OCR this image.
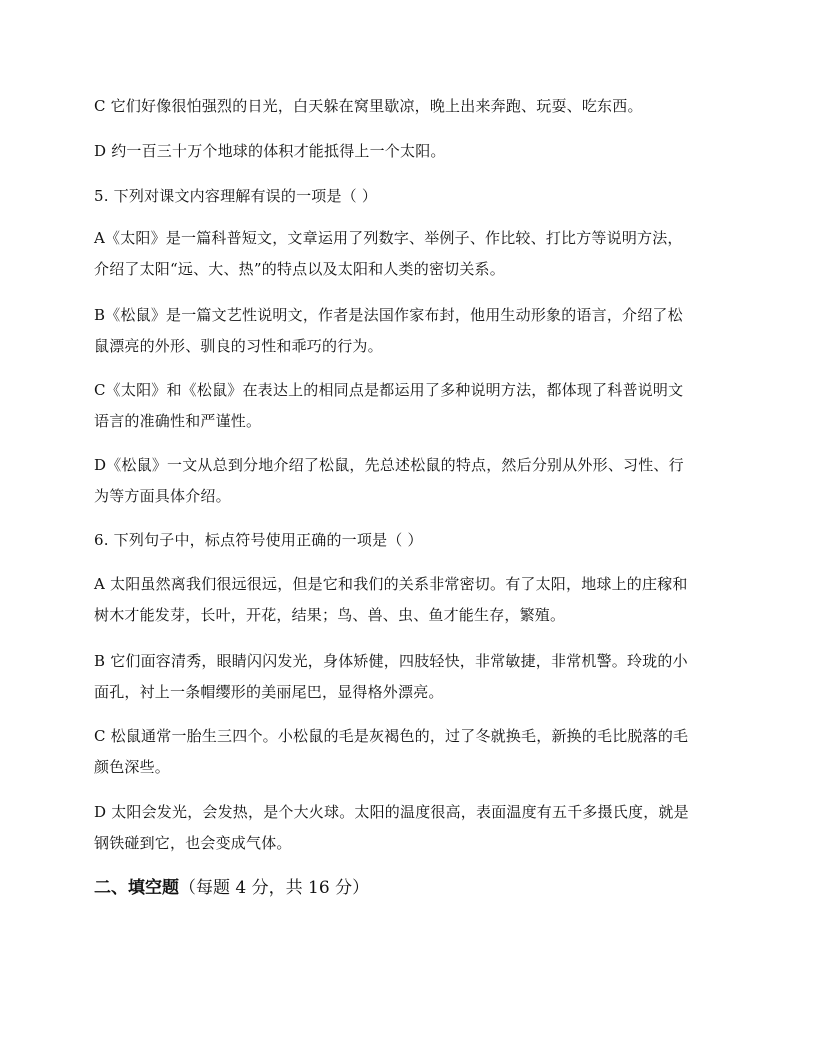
C 它们好像很怕强烈的日光，白天躲在窝里歇凉，晚上出来奔跑、玩耍、吃东西。
D 约一百三十万个地球的体积才能抵得上一个太阳。
5. 下列对课文内容理解有误的一项是（ ）
A《太阳》是一篇科普短文，文章运用了列数字、举例子、作比较、打比方等说明方法，
介绍了太阳“远、大、热”的特点以及太阳和人类的密切关系。
B《松鼠》是一篇文艺性说明文，作者是法国作家布封，他用生动形象的语言，介绍了松
鼠漂亮的外形、驯良的习性和乖巧的行为。
C《太阳》和《松鼠》在表达上的相同点是都运用了多种说明方法，都体现了科普说明文
语言的准确性和严谨性。
D《松鼠》一文从总到分地介绍了松鼠，先总述松鼠的特点，然后分别从外形、习性、行
为等方面具体介绍。
6. 下列句子中，标点符号使用正确的一项是（ ）
A 太阳虽然离我们很远很远，但是它和我们的关系非常密切。有了太阳，地球上的庄稼和
树木才能发芽，长叶，开花，结果；鸟、兽、虫、鱼才能生存，繁殖。
B 它们面容清秀，眼睛闪闪发光，身体矫健，四肢轻快，非常敏捷，非常机警。玲珑的小
面孔，衬上一条帽缨形的美丽尾巴，显得格外漂亮。
C 松鼠通常一胎生三四个。小松鼠的毛是灰褐色的，过了冬就换毛，新换的毛比脱落的毛
颜色深些。
D 太阳会发光，会发热，是个大火球。太阳的温度很高，表面温度有五千多摄氏度，就是
钢铁碰到它，也会变成气体。
二、填空题（每题 4 分，共 16 分）
